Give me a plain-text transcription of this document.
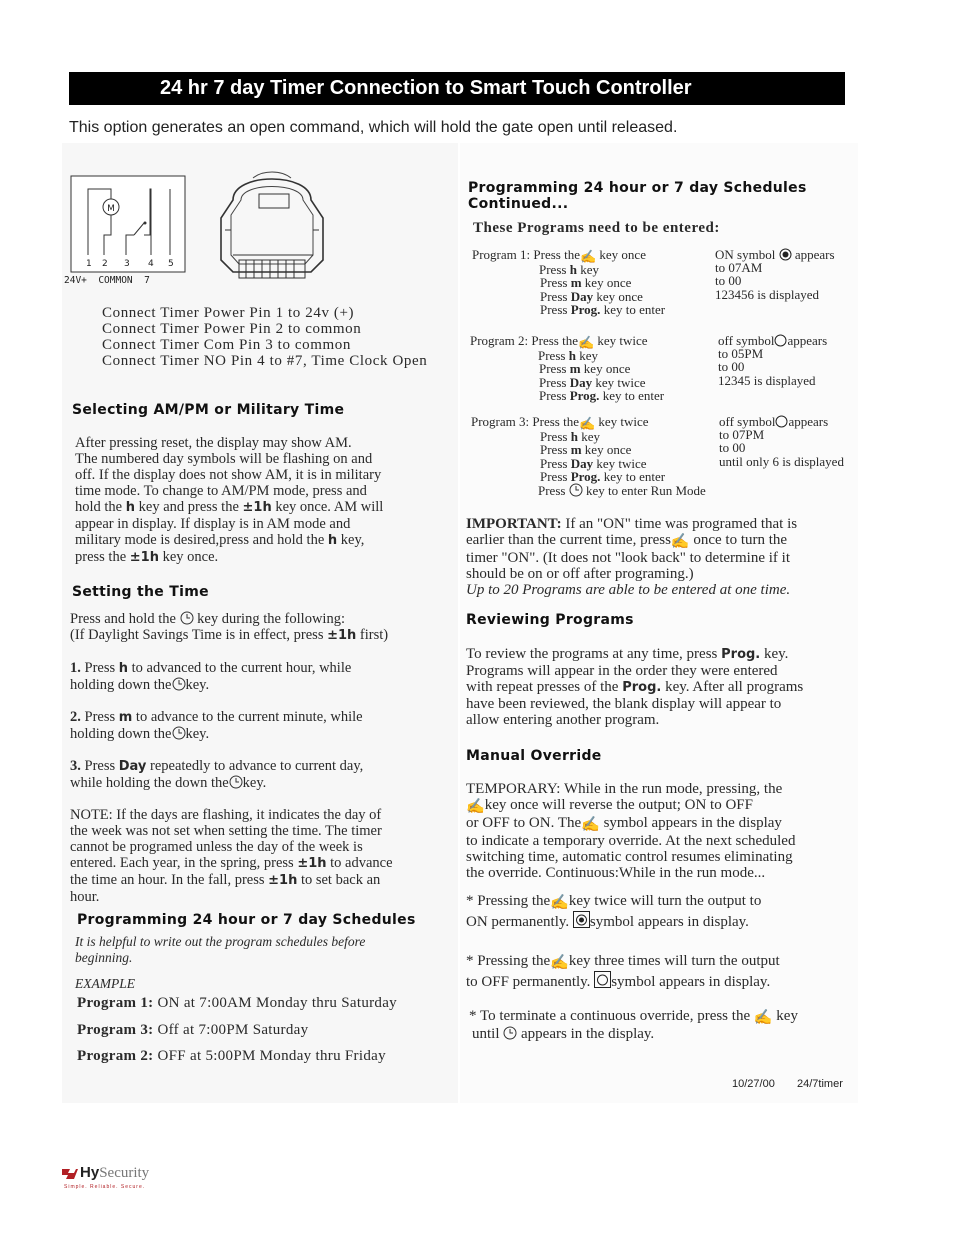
24 hr 7 day Timer Connection to Smart Touch Controller
This option generates an open command, which will hold the gate open until released.
M
1 2 3 4 5
24V+  COMMON  7
Connect Timer Power Pin 1 to 24v (+)
Connect Timer Power Pin 2 to common
Connect Timer Com Pin 3 to common
Connect Timer NO Pin 4 to #7, Time Clock Open
Selecting AM/PM or Military Time
After pressing reset, the display may show AM.
The numbered day symbols will be flashing on and
off. If the display does not show AM, it is in military
time mode. To change to AM/PM mode, press and
hold the h key and press the ±1h key once. AM will
appear in display. If display is in AM mode and
military mode is desired,press and hold the h key,
press the ±1h key once.
Setting the Time
Press and hold the key during the following:
(If Daylight Savings Time is in effect, press ±1h first)
1. Press h to advanced to the current hour, while
holding down the key.
2. Press m to advance to the current minute, while
holding down the key.
3. Press Day repeatedly to advance to current day,
while holding the down the key.
NOTE: If the days are flashing, it indicates the day of
the week was not set when setting the time. The timer
cannot be programed unless the day of the week is
entered. Each year, in the spring, press ±1h to advance
the time an hour. In the fall, press ±1h to set back an
hour.
Programming 24 hour or 7 day Schedules
It is helpful to write out the program schedules before
beginning.
EXAMPLE
Program 1: ON at 7:00AM Monday thru Saturday
Program 3: Off at 7:00PM Saturday
Program 2: OFF at 5:00PM Monday thru Friday
Programming 24 hour or 7 day Schedules
Continued...
These Programs need to be entered:
Program 1: Press the✍ key once
Press h key
Press m key once
Press Day key once
Press Prog. key to enter
ON symbol appears
to 07AM
to 00
123456 is displayed
Program 2: Press the✍ key twice
Press h key
Press m key once
Press Day key twice
Press Prog. key to enter
off symbol appears
to 05PM
to 00
12345 is displayed
Program 3: Press the✍ key twice
Press h key
Press m key once
Press Day key twice
Press Prog. key to enter
Press key to enter Run Mode
off symbol appears
to 07PM
to 00
until only 6 is displayed
IMPORTANT: If an "ON" time was programed that is
earlier than the current time, press✍ once to turn the
timer "ON". (It does not "look back" to determine if it
should be on or off after programing.)
Up to 20 Programs are able to be entered at one time.
Reviewing Programs
To review the programs at any time, press Prog. key.
Programs will appear in the order they were entered
with repeat presses of the Prog. key. After all programs
have been reviewed, the blank display will appear to
allow entering another program.
Manual Override
TEMPORARY: While in the run mode, pressing, the
✍key once will reverse the output; ON to OFF
or OFF to ON. The✍ symbol appears in the display
to indicate a temporary override. At the next scheduled
switching time, automatic control resumes eliminating
the override. Continuous:While in the run mode...
* Pressing the✍key twice will turn the output to
ON permanently. symbol appears in display.
* Pressing the✍key three times will turn the output
to OFF permanently. symbol appears in display.
* To terminate a continuous override, press the ✍ key
until appears in the display.
10/27/00 24/7timer
HySecurity
Simple. Reliable. Secure.
